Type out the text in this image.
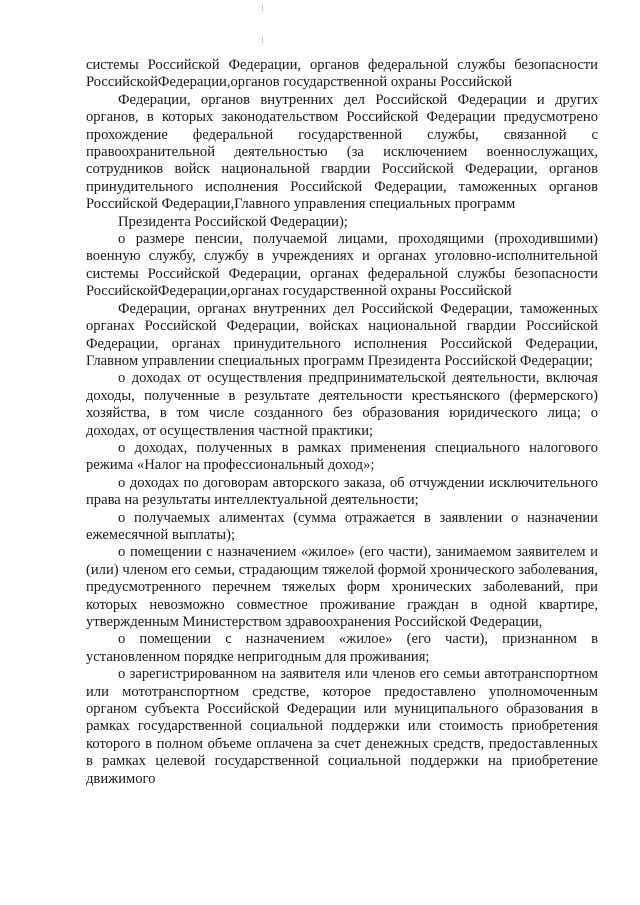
⁝
⁝

системы Российской Федерации, органов федеральной службы безопасности РоссийскойФедерации,органов государственной охраны Российской

Федерации, органов внутренних дел Российской Федерации и других органов, в которых законодательством Российской Федерации предусмотрено прохождение федеральной государственной службы, связанной с правоохранительной деятельностью (за исключением военнослужащих, сотрудников войск национальной гвардии Российской Федерации, органов принудительного исполнения Российской Федерации, таможенных органов Российской Федерации,Главного управления специальных программ

Президента Российской Федерации);

о размере пенсии, получаемой лицами, проходящими (проходившими) военную службу, службу в учреждениях и органах уголовно-исполнительной системы Российской Федерации, органах федеральной службы безопасности РоссийскойФедерации,органах государственной охраны Российской

Федерации, органах внутренних дел Российской Федерации, таможенных органах Российской Федерации, войсках национальной гвардии Российской Федерации, органах принудительного исполнения Российской Федерации, Главном управлении специальных программ Президента Российской Федерации;

о доходах от осуществления предпринимательской деятельности, включая доходы, полученные в результате деятельности крестьянского (фермерского) хозяйства, в том числе созданного без образования юридического лица; о доходах, от осуществления частной практики;

о доходах, полученных в рамках применения специального налогового режима «Налог на профессиональный доход»;

о доходах по договорам авторского заказа, об отчуждении исключительного права на результаты интеллектуальной деятельности;

о получаемых алиментах (сумма отражается в заявлении о назначении ежемесячной выплаты);

о помещении с назначением «жилое» (его части), занимаемом заявителем и (или) членом его семьи, страдающим тяжелой формой хронического заболевания, предусмотренного перечнем тяжелых форм хронических заболеваний, при которых невозможно совместное проживание граждан в одной квартире, утвержденным Министерством здравоохранения Российской Федерации,

о помещении с назначением «жилое» (его части), признанном в установленном порядке непригодным для проживания;

о зарегистрированном на заявителя или членов его семьи автотранспортном или мототранспортном средстве, которое предоставлено уполномоченным органом субъекта Российской Федерации или муниципального образования в рамках государственной социальной поддержки или стоимость приобретения которого в полном объеме оплачена за счет денежных средств, предоставленных в рамках целевой государственной социальной поддержки на приобретение движимого
